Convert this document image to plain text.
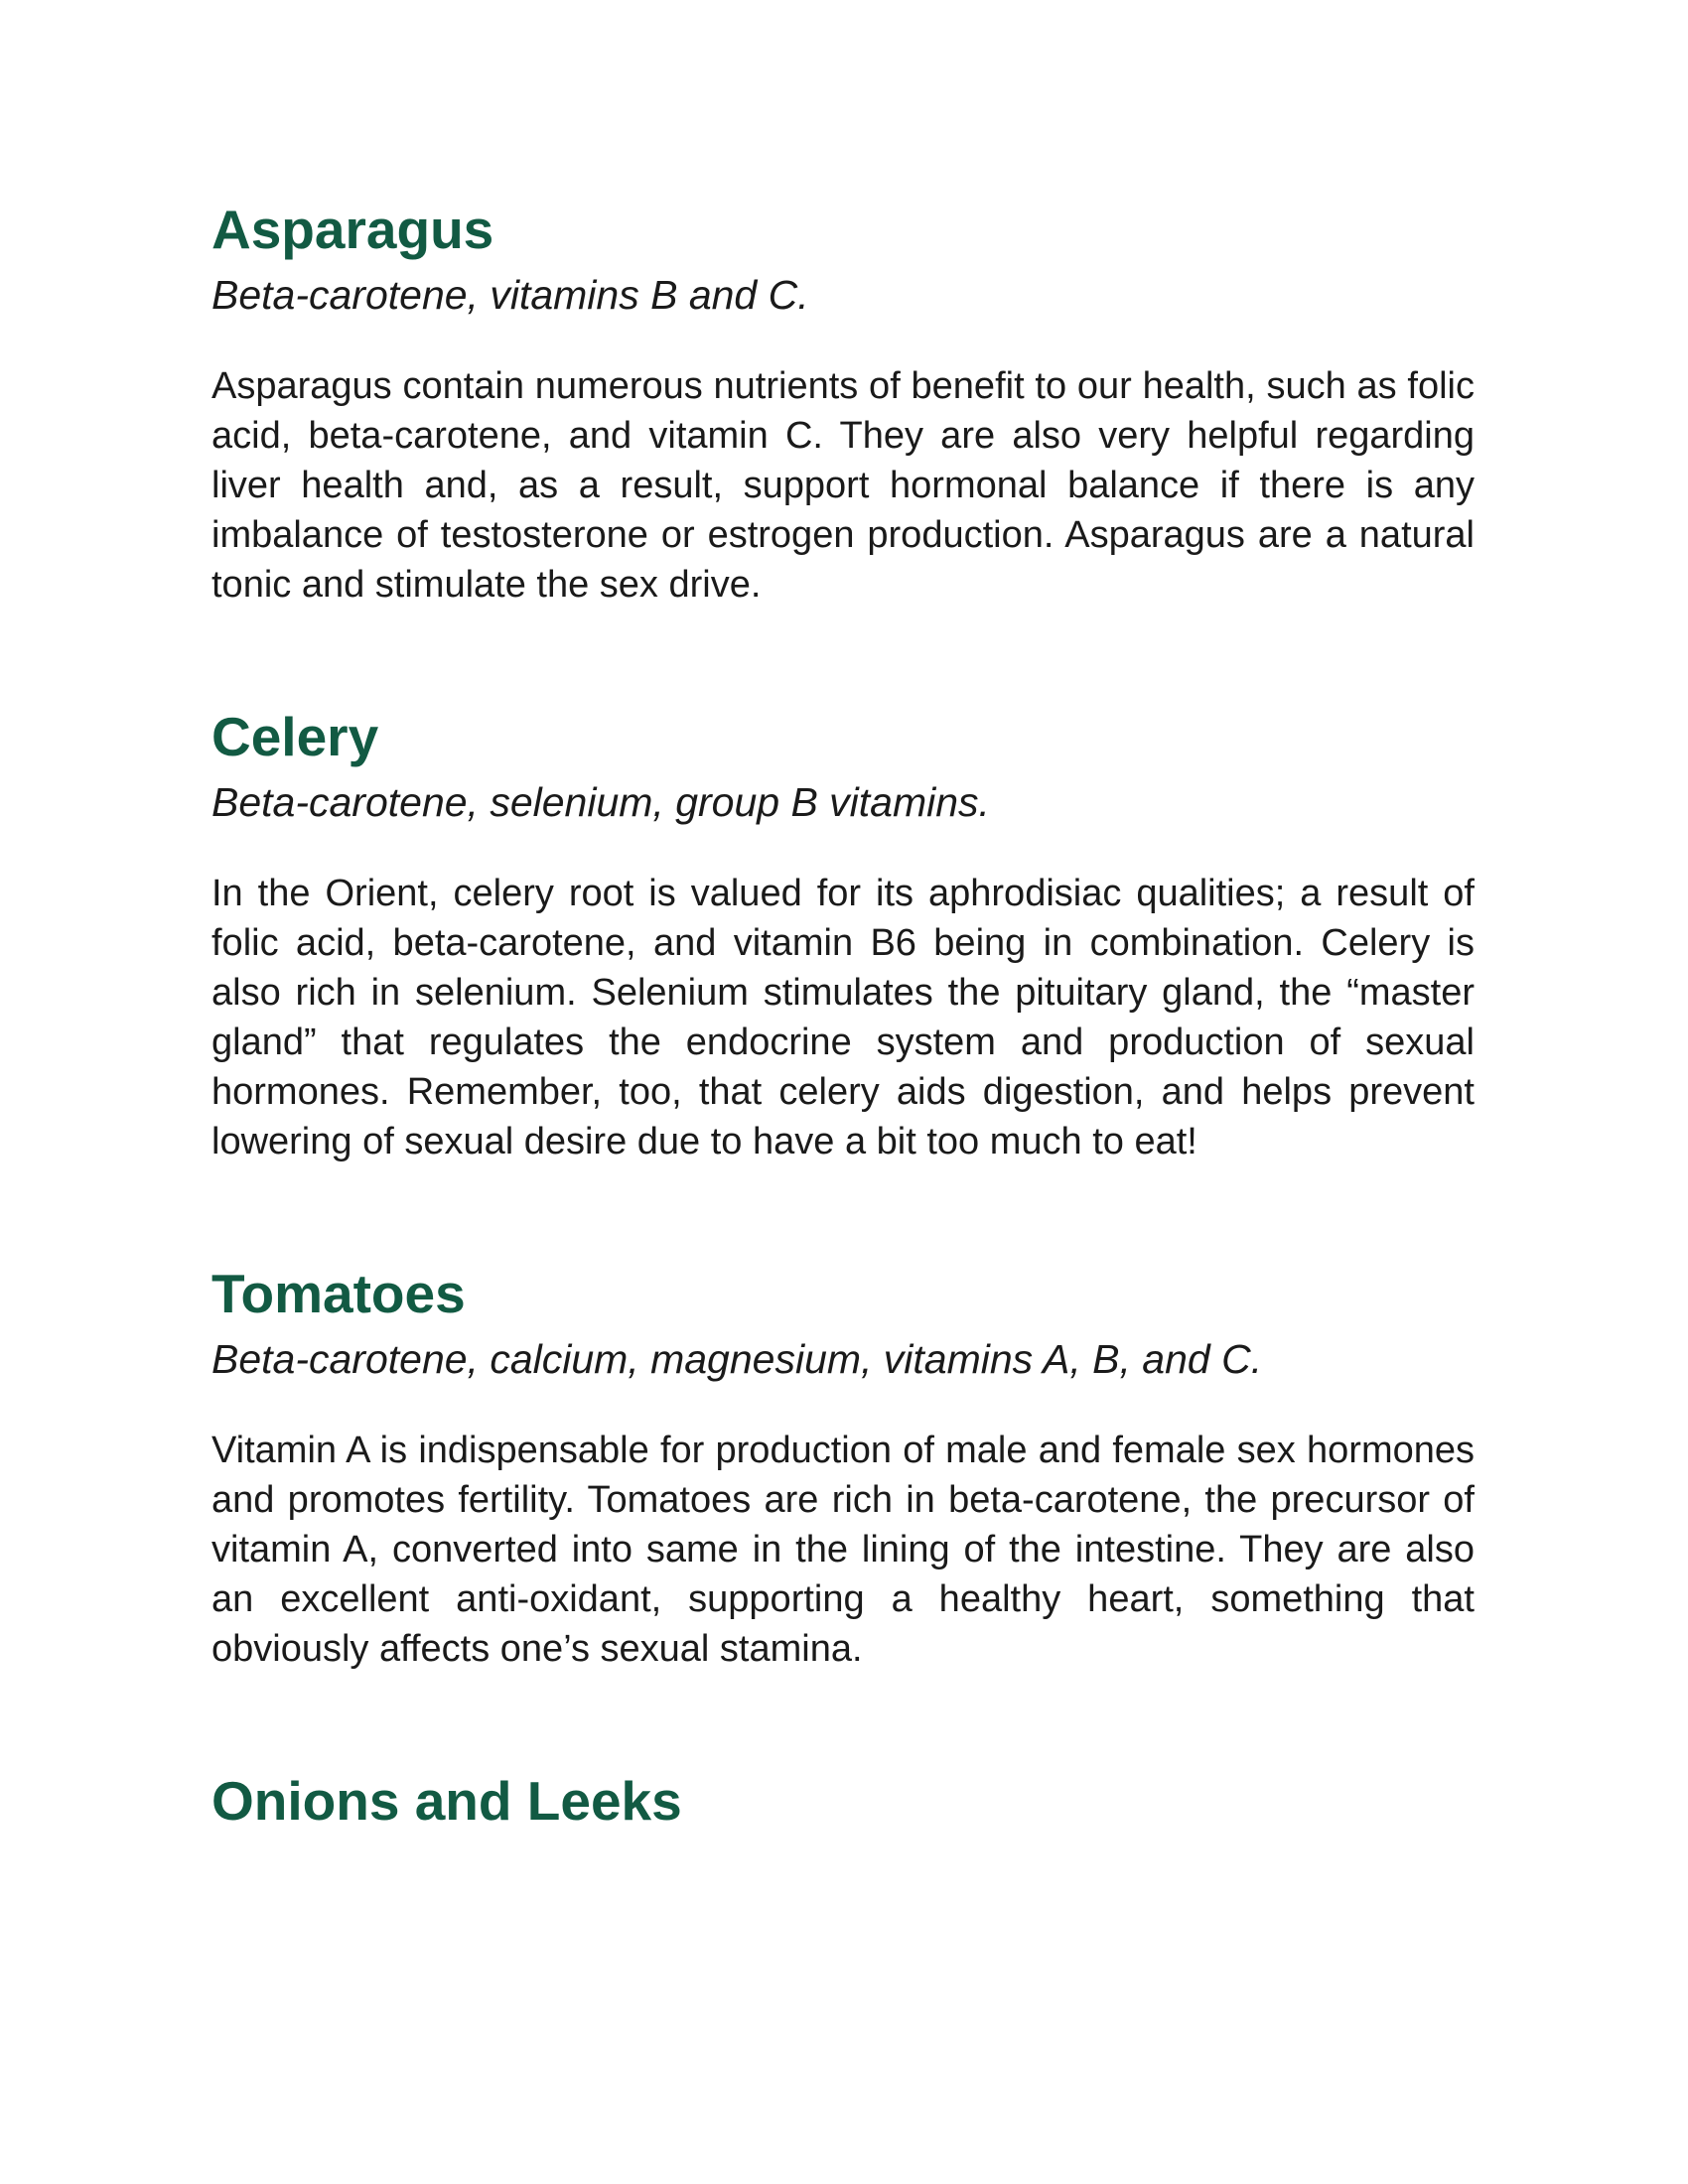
Asparagus
Beta-carotene, vitamins B and C.

Asparagus contain numerous nutrients of benefit to our health, such as folic acid, beta-carotene, and vitamin C. They are also very helpful regarding liver health and, as a result, support hormonal balance if there is any imbalance of testosterone or estrogen production. Asparagus are a natural tonic and stimulate the sex drive.

Celery
Beta-carotene, selenium, group B vitamins.

In the Orient, celery root is valued for its aphrodisiac qualities; a result of folic acid, beta-carotene, and vitamin B6 being in combination. Celery is also rich in selenium. Selenium stimulates the pituitary gland, the “master gland” that regulates the endocrine system and production of sexual hormones. Remember, too, that celery aids digestion, and helps prevent lowering of sexual desire due to have a bit too much to eat!

Tomatoes
Beta-carotene, calcium, magnesium, vitamins A, B, and C.

Vitamin A is indispensable for production of male and female sex hormones and promotes fertility. Tomatoes are rich in beta-carotene, the precursor of vitamin A, converted into same in the lining of the intestine. They are also an excellent anti-oxidant, supporting a healthy heart, something that obviously affects one’s sexual stamina.

Onions and Leeks
